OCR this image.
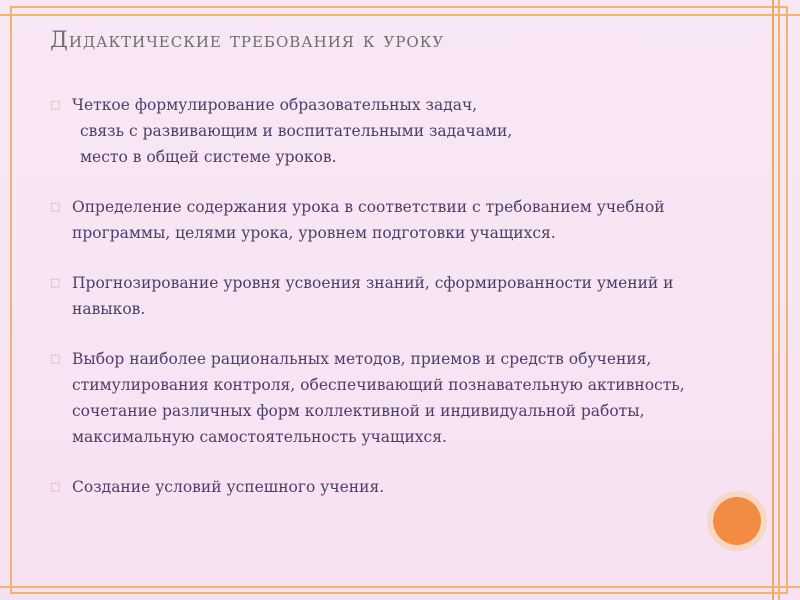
Дидактические требования к уроку
□ Четкое формулирование образовательных задач,
связь с развивающим и воспитательными задачами,
место в общей системе уроков.
□ Определение содержания урока в соответствии с требованием учебной
программы, целями урока, уровнем подготовки учащихся.
□ Прогнозирование уровня усвоения знаний, сформированности умений и
навыков.
□ Выбор наиболее рациональных методов, приемов и средств обучения,
стимулирования контроля, обеспечивающий познавательную активность,
сочетание различных форм коллективной и индивидуальной работы,
максимальную самостоятельность учащихся.
□ Создание условий успешного учения.
